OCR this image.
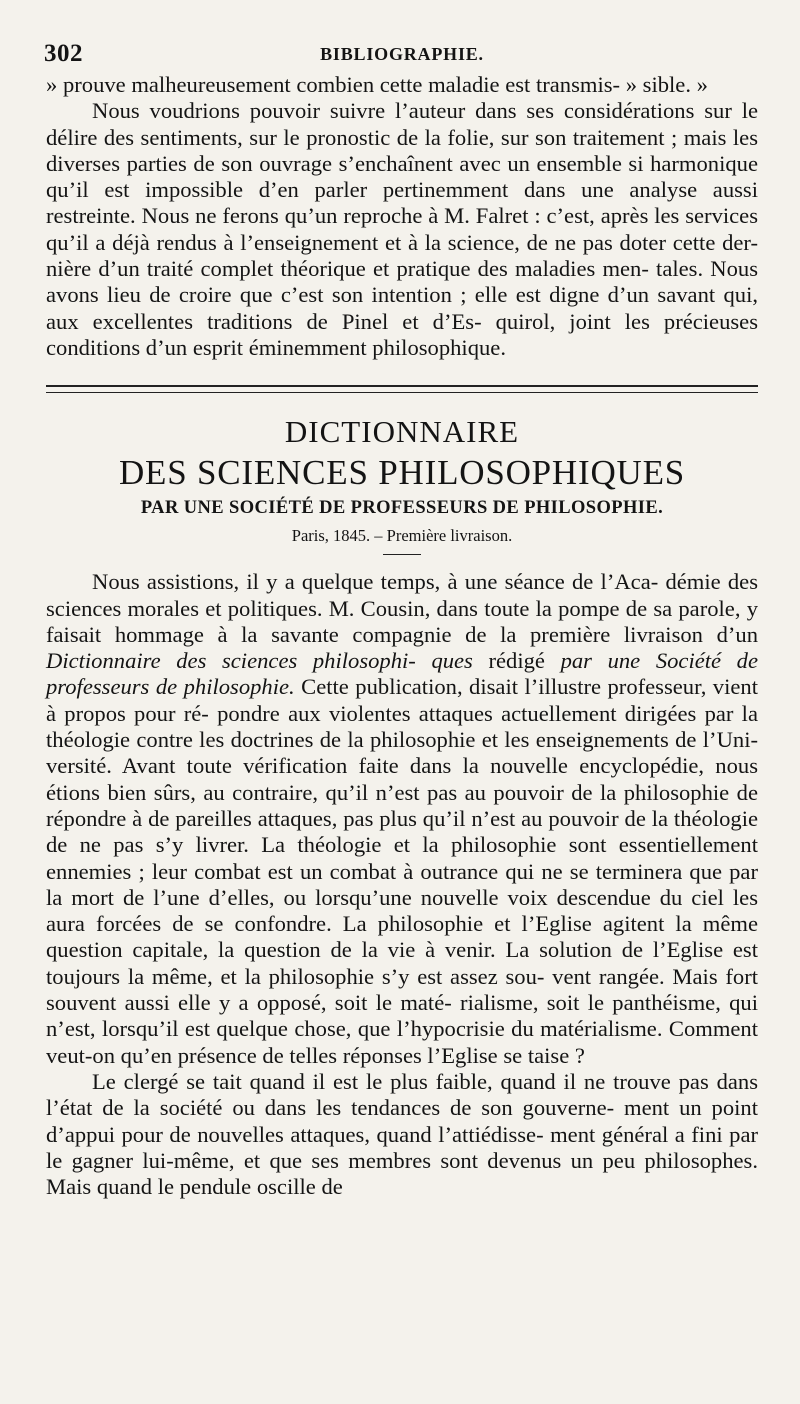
302	BIBLIOGRAPHIE.

» prouve malheureusement combien cette maladie est transmis- » sible. »

Nous voudrions pouvoir suivre l’auteur dans ses considérations sur le délire des sentiments, sur le pronostic de la folie, sur son traitement ; mais les diverses parties de son ouvrage s’enchaînent avec un ensemble si harmonique qu’il est impossible d’en parler pertinemment dans une analyse aussi restreinte. Nous ne ferons qu’un reproche à M. Falret : c’est, après les services qu’il a déjà rendus à l’enseignement et à la science, de ne pas doter cette der- nière d’un traité complet théorique et pratique des maladies men- tales. Nous avons lieu de croire que c’est son intention ; elle est digne d’un savant qui, aux excellentes traditions de Pinel et d’Es- quirol, joint les précieuses conditions d’un esprit éminemment philosophique.

DICTIONNAIRE
DES SCIENCES PHILOSOPHIQUES
PAR UNE SOCIÉTÉ DE PROFESSEURS DE PHILOSOPHIE.
Paris, 1845. – Première livraison.

Nous assistions, il y a quelque temps, à une séance de l’Aca- démie des sciences morales et politiques. M. Cousin, dans toute la pompe de sa parole, y faisait hommage à la savante compagnie de la première livraison d’un Dictionnaire des sciences philosophi- ques rédigé par une Société de professeurs de philosophie. Cette publication, disait l’illustre professeur, vient à propos pour ré- pondre aux violentes attaques actuellement dirigées par la théologie contre les doctrines de la philosophie et les enseignements de l’Uni- versité. Avant toute vérification faite dans la nouvelle encyclopédie, nous étions bien sûrs, au contraire, qu’il n’est pas au pouvoir de la philosophie de répondre à de pareilles attaques, pas plus qu’il n’est au pouvoir de la théologie de ne pas s’y livrer. La théologie et la philosophie sont essentiellement ennemies ; leur combat est un combat à outrance qui ne se terminera que par la mort de l’une d’elles, ou lorsqu’une nouvelle voix descendue du ciel les aura forcées de se confondre. La philosophie et l’Eglise agitent la même question capitale, la question de la vie à venir. La solution de l’Eglise est toujours la même, et la philosophie s’y est assez sou- vent rangée. Mais fort souvent aussi elle y a opposé, soit le maté- rialisme, soit le panthéisme, qui n’est, lorsqu’il est quelque chose, que l’hypocrisie du matérialisme. Comment veut-on qu’en présence de telles réponses l’Eglise se taise ?

Le clergé se tait quand il est le plus faible, quand il ne trouve pas dans l’état de la société ou dans les tendances de son gouverne- ment un point d’appui pour de nouvelles attaques, quand l’attiédisse- ment général a fini par le gagner lui-même, et que ses membres sont devenus un peu philosophes. Mais quand le pendule oscille de
